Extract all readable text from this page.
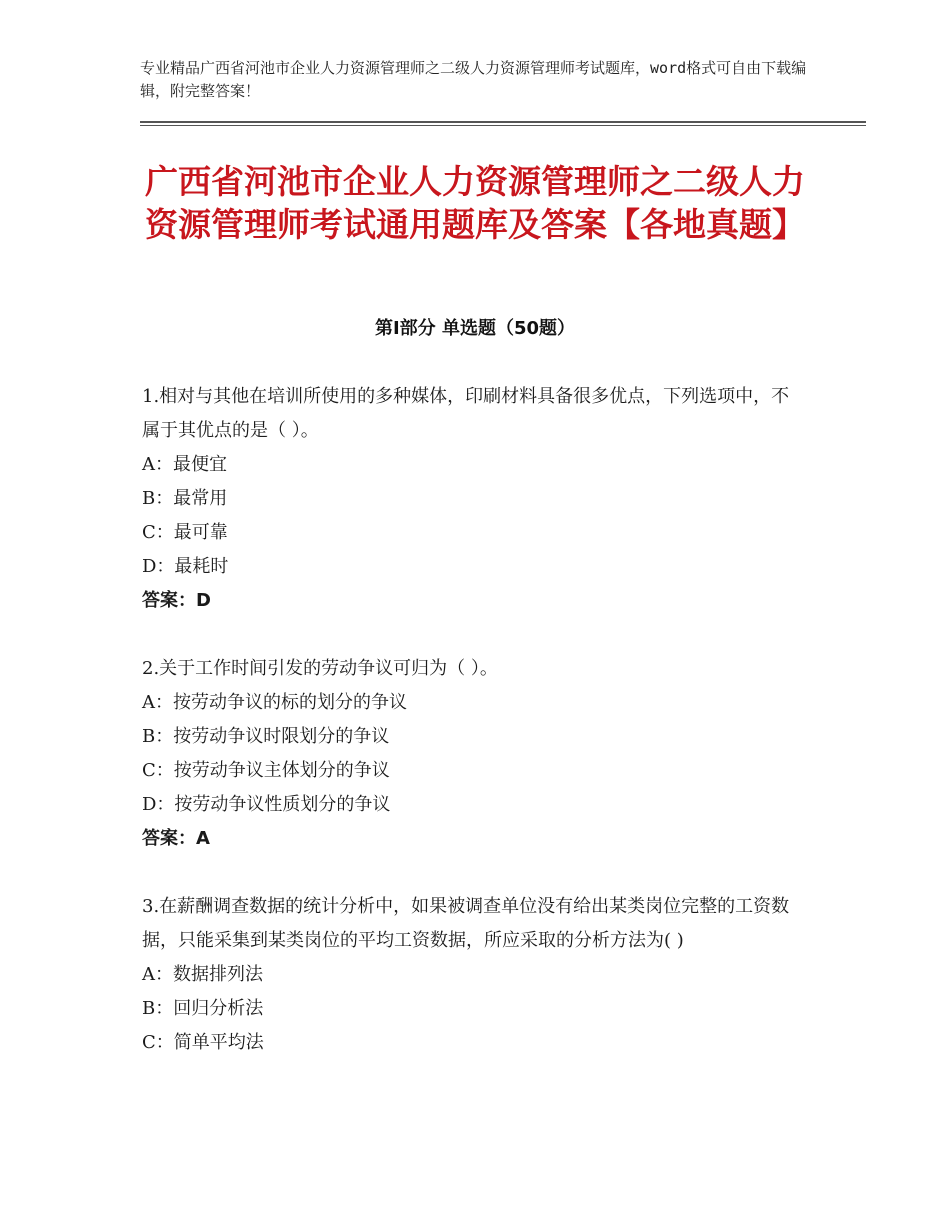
专业精品广西省河池市企业人力资源管理师之二级人力资源管理师考试题库，word格式可自由下载编辑，附完整答案！
广西省河池市企业人力资源管理师之二级人力资源管理师考试通用题库及答案【各地真题】
第Ⅰ部分 单选题（50题）

1.相对与其他在培训所使用的多种媒体，印刷材料具备很多优点，下列选项中，不属于其优点的是（ ）。

A：最便宜
B：最常用
C：最可靠
D：最耗时
答案：D

2.关于工作时间引发的劳动争议可归为（ ）。

A：按劳动争议的标的划分的争议
B：按劳动争议时限划分的争议
C：按劳动争议主体划分的争议
D：按劳动争议性质划分的争议
答案：A

3.在薪酬调查数据的统计分析中，如果被调查单位没有给出某类岗位完整的工资数据，只能采集到某类岗位的平均工资数据，所应采取的分析方法为( )

A：数据排列法
B：回归分析法
C：简单平均法
